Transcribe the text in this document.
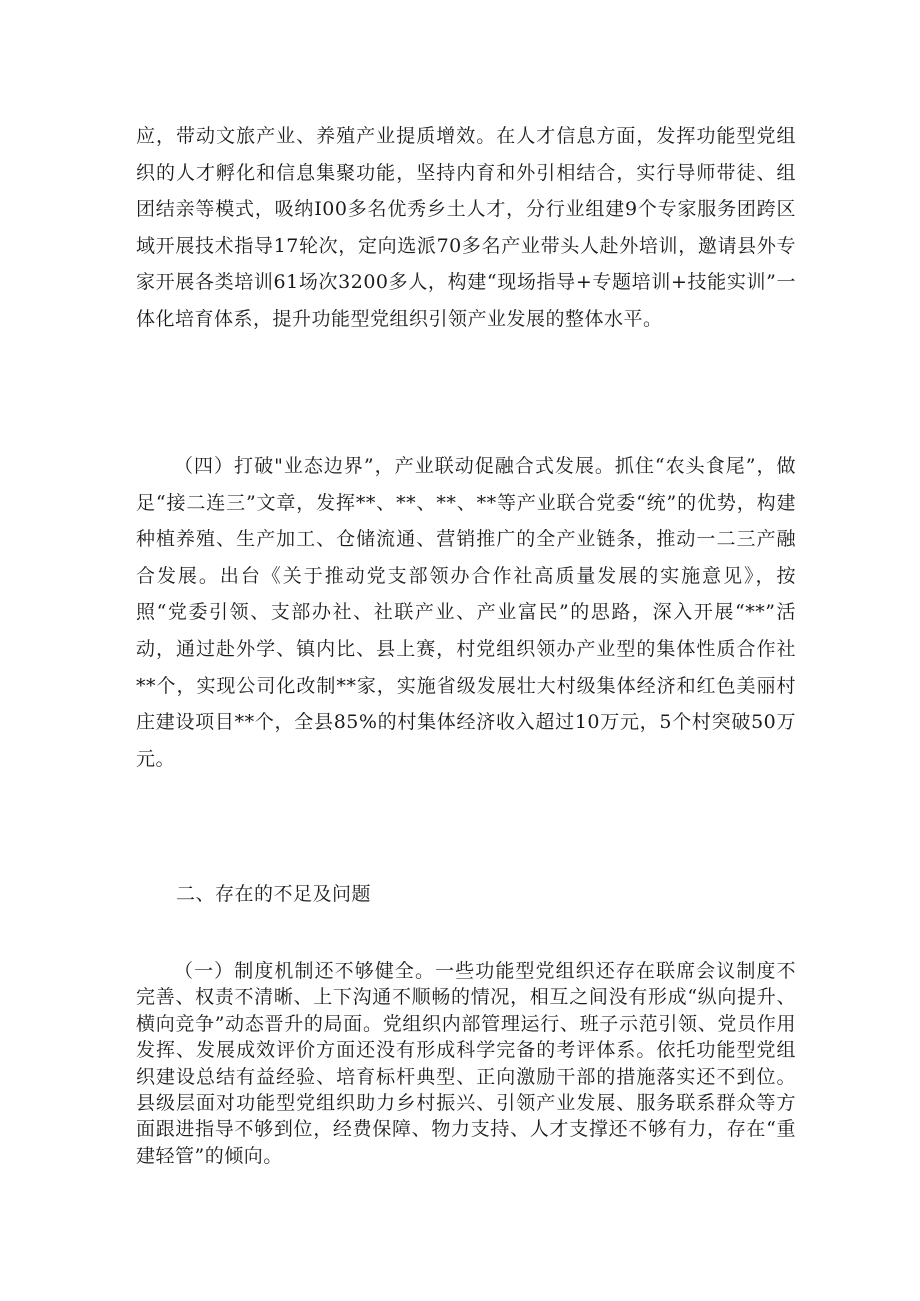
应，带动文旅产业、养殖产业提质增效。在人才信息方面，发挥功能型党组织的人才孵化和信息集聚功能，坚持内育和外引相结合，实行导师带徒、组团结亲等模式，吸纳I00多名优秀乡土人才，分行业组建9个专家服务团跨区域开展技术指导17轮次，定向选派70多名产业带头人赴外培训，邀请县外专家开展各类培训61场次3200多人，构建“现场指导+专题培训+技能实训”一体化培育体系，提升功能型党组织引领产业发展的整体水平。

（四）打破"业态边界”，产业联动促融合式发展。抓住“农头食尾”，做足“接二连三”文章，发挥**、**、**、**等产业联合党委“统”的优势，构建种植养殖、生产加工、仓储流通、营销推广的全产业链条，推动一二三产融合发展。出台《关于推动党支部领办合作社高质量发展的实施意见》，按照“党委引领、支部办社、社联产业、产业富民”的思路，深入开展“**”活动，通过赴外学、镇内比、县上赛，村党组织领办产业型的集体性质合作社**个，实现公司化改制**家，实施省级发展壮大村级集体经济和红色美丽村庄建设项目**个，全县85%的村集体经济收入超过10万元，5个村突破50万元。

二、存在的不足及问题

（一）制度机制还不够健全。一些功能型党组织还存在联席会议制度不完善、权责不清晰、上下沟通不顺畅的情况，相互之间没有形成“纵向提升、横向竞争”动态晋升的局面。党组织内部管理运行、班子示范引领、党员作用发挥、发展成效评价方面还没有形成科学完备的考评体系。依托功能型党组织建设总结有益经验、培育标杆典型、正向激励干部的措施落实还不到位。县级层面对功能型党组织助力乡村振兴、引领产业发展、服务联系群众等方面跟进指导不够到位，经费保障、物力支持、人才支撑还不够有力，存在“重建轻管”的倾向。
